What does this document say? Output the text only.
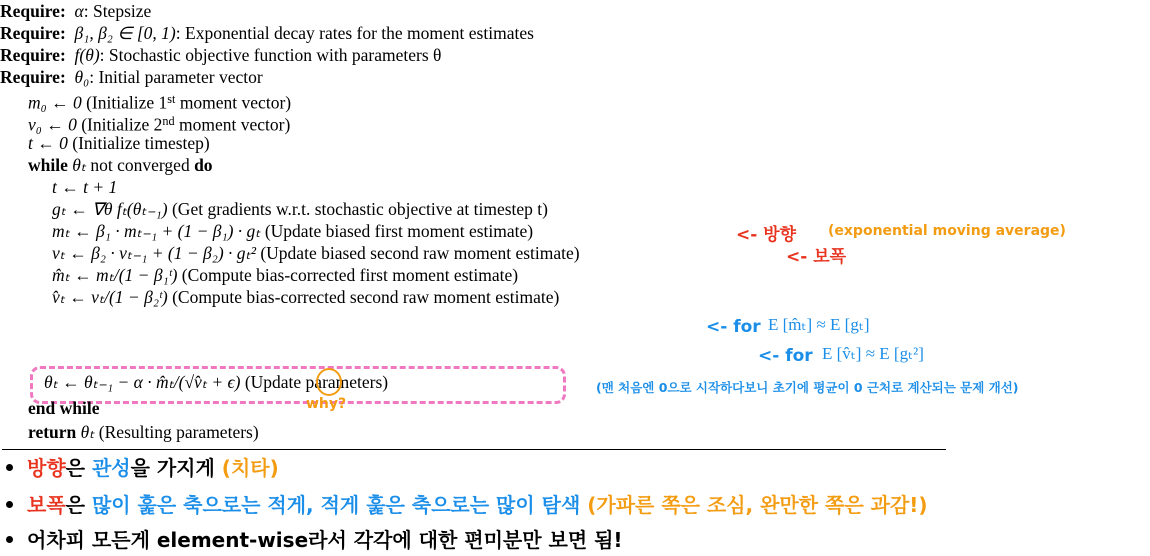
Require: α: Stepsize
Require: β₁, β₂ ∈ [0, 1): Exponential decay rates for the moment estimates
Require: f(θ): Stochastic objective function with parameters θ
Require: θ₀: Initial parameter vector
m₀ ← 0 (Initialize 1st moment vector)
v₀ ← 0 (Initialize 2nd moment vector)
t ← 0 (Initialize timestep)
while θₜ not converged do
t ← t + 1
gₜ ← ∇θ fₜ(θₜ₋₁) (Get gradients w.r.t. stochastic objective at timestep t)
mₜ ← β₁ · mₜ₋₁ + (1 − β₁) · gₜ (Update biased first moment estimate)
vₜ ← β₂ · vₜ₋₁ + (1 − β₂) · gₜ² (Update biased second raw moment estimate)
m̂ₜ ← mₜ/(1 − β₁ᵗ) (Compute bias-corrected first moment estimate)
v̂ₜ ← vₜ/(1 − β₂ᵗ) (Compute bias-corrected second raw moment estimate)
θₜ ← θₜ₋₁ − α · m̂ₜ/(√v̂ₜ + ϵ) (Update parameters)
end while
return θₜ (Resulting parameters)
<- 방향 (exponential moving average)
<- 보폭
<- for E [m̂ₜ] ≈ E [gₜ]
<- for E [v̂ₜ] ≈ E [gₜ²]
(맨 처음엔 0으로 시작하다보니 초기에 평균이 0 근처로 계산되는 문제 개선)
why?
방향은 관성을 가지게 (치타)
보폭은 많이 훑은 축으로는 적게, 적게 훑은 축으로는 많이 탐색 (가파른 쪽은 조심, 완만한 쪽은 과감!)
어차피 모든게 element-wise라서 각각에 대한 편미분만 보면 됨!
